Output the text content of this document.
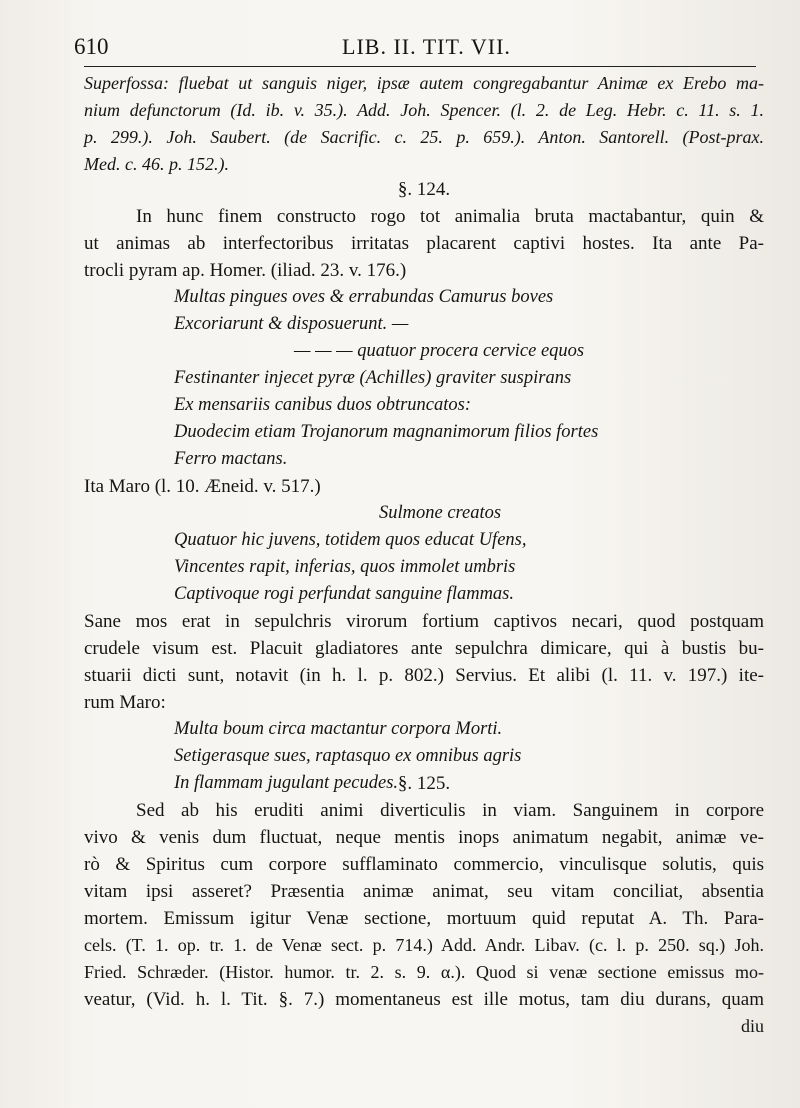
610	LIB. II. TIT. VII.
Superfossa: fluebat ut sanguis niger, ipsæ autem congregabantur Animæ ex Erebo ma-
nium defunctorum (Id. ib. v. 35.). Add. Joh. Spencer. (l. 2. de Leg. Hebr. c. 11. s. 1.
p. 299.). Joh. Saubert. (de Sacrific. c. 25. p. 659.). Anton. Santorell. (Post-prax.
Med. c. 46. p. 152.).
§. 124.
In hunc finem constructo rogo tot animalia bruta mactabantur, quin &
ut animas ab interfectoribus irritatas placarent captivi hostes. Ita ante Pa-
trocli pyram ap. Homer. (iliad. 23. v. 176.)
Multas pingues oves & errabundas Camurus boves
Excoriarunt & disposuerunt. —
— — — quatuor procera cervice equos
Festinanter injecet pyræ (Achilles) graviter suspirans
Ex mensariis canibus duos obtruncatos:
Duodecim etiam Trojanorum magnanimorum filios fortes
Ferro mactans.
Ita Maro (l. 10. Æneid. v. 517.)
Sulmone creatos
Quatuor hic juvens, totidem quos educat Ufens,
Vincentes rapit, inferias, quos immolet umbris
Captivoque rogi perfundat sanguine flammas.
Sane mos erat in sepulchris virorum fortium captivos necari, quod postquam
crudele visum est. Placuit gladiatores ante sepulchra dimicare, qui à bustis bu-
stuarii dicti sunt, notavit (in h. l. p. 802.) Servius. Et alibi (l. 11. v. 197.) ite-
rum Maro:
Multa boum circa mactantur corpora Morti.
Setigerasque sues, raptasquo ex omnibus agris
In flammam jugulant pecudes. §. 125.
Sed ab his eruditi animi diverticulis in viam. Sanguinem in corpore
vivo & venis dum fluctuat, neque mentis inops animatum negabit, animæ ve-
rò & Spiritus cum corpore sufflaminato commercio, vinculisque solutis, quis
vitam ipsi asseret? Præsentia animæ animat, seu vitam conciliat, absentia
mortem. Emissum igitur Venæ sectione, mortuum quid reputat A. Th. Para-
cels. (T. 1. op. tr. 1. de Venæ sect. p. 714.) Add. Andr. Libav. (c. l. p. 250. sq.) Joh.
Fried. Schræder. (Histor. humor. tr. 2. s. 9. α.). Quod si venæ sectione emissus mo-
veatur, (Vid. h. l. Tit. §. 7.) momentaneus est ille motus, tam diu durans, quam
diu
